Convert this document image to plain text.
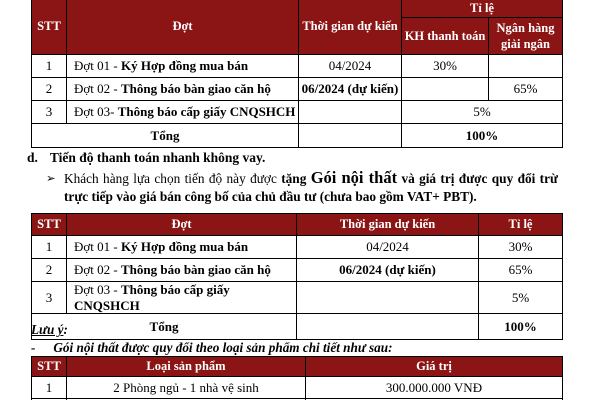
STT	Đợt	Thời gian dự kiến	Tỉ lệ	
			KH thanh toán	Ngân hàng giải ngân
1	Đợt 01 - Ký Hợp đồng mua bán	04/2024	30%	
2	Đợt 02 - Thông báo bàn giao căn hộ	06/2024 (dự kiến)		65%
3	Đợt 03- Thông báo cấp giấy CNQSHCH		5%	
Tổng			100%	
d. Tiến độ thanh toán nhanh không vay.
➢ Khách hàng lựa chọn tiến độ này được tặng Gói nội thất và giá trị được quy đổi trừ trực tiếp vào giá bán công bố của chủ đầu tư (chưa bao gồm VAT+ PBT).
STT	Đợt	Thời gian dự kiến	Tỉ lệ
1	Đợt 01 - Ký Hợp đồng mua bán	04/2024	30%
2	Đợt 02 - Thông báo bàn giao căn hộ	06/2024 (dự kiến)	65%
3	Đợt 03 - Thông báo cấp giấy CNQSHCH		5%
Tổng			100%
Lưu ý:
- Gói nội thất được quy đổi theo loại sản phẩm chi tiết như sau:
STT	Loại sản phẩm	Giá trị
1	2 Phòng ngủ - 1 nhà vệ sinh	300.000.000 VNĐ
